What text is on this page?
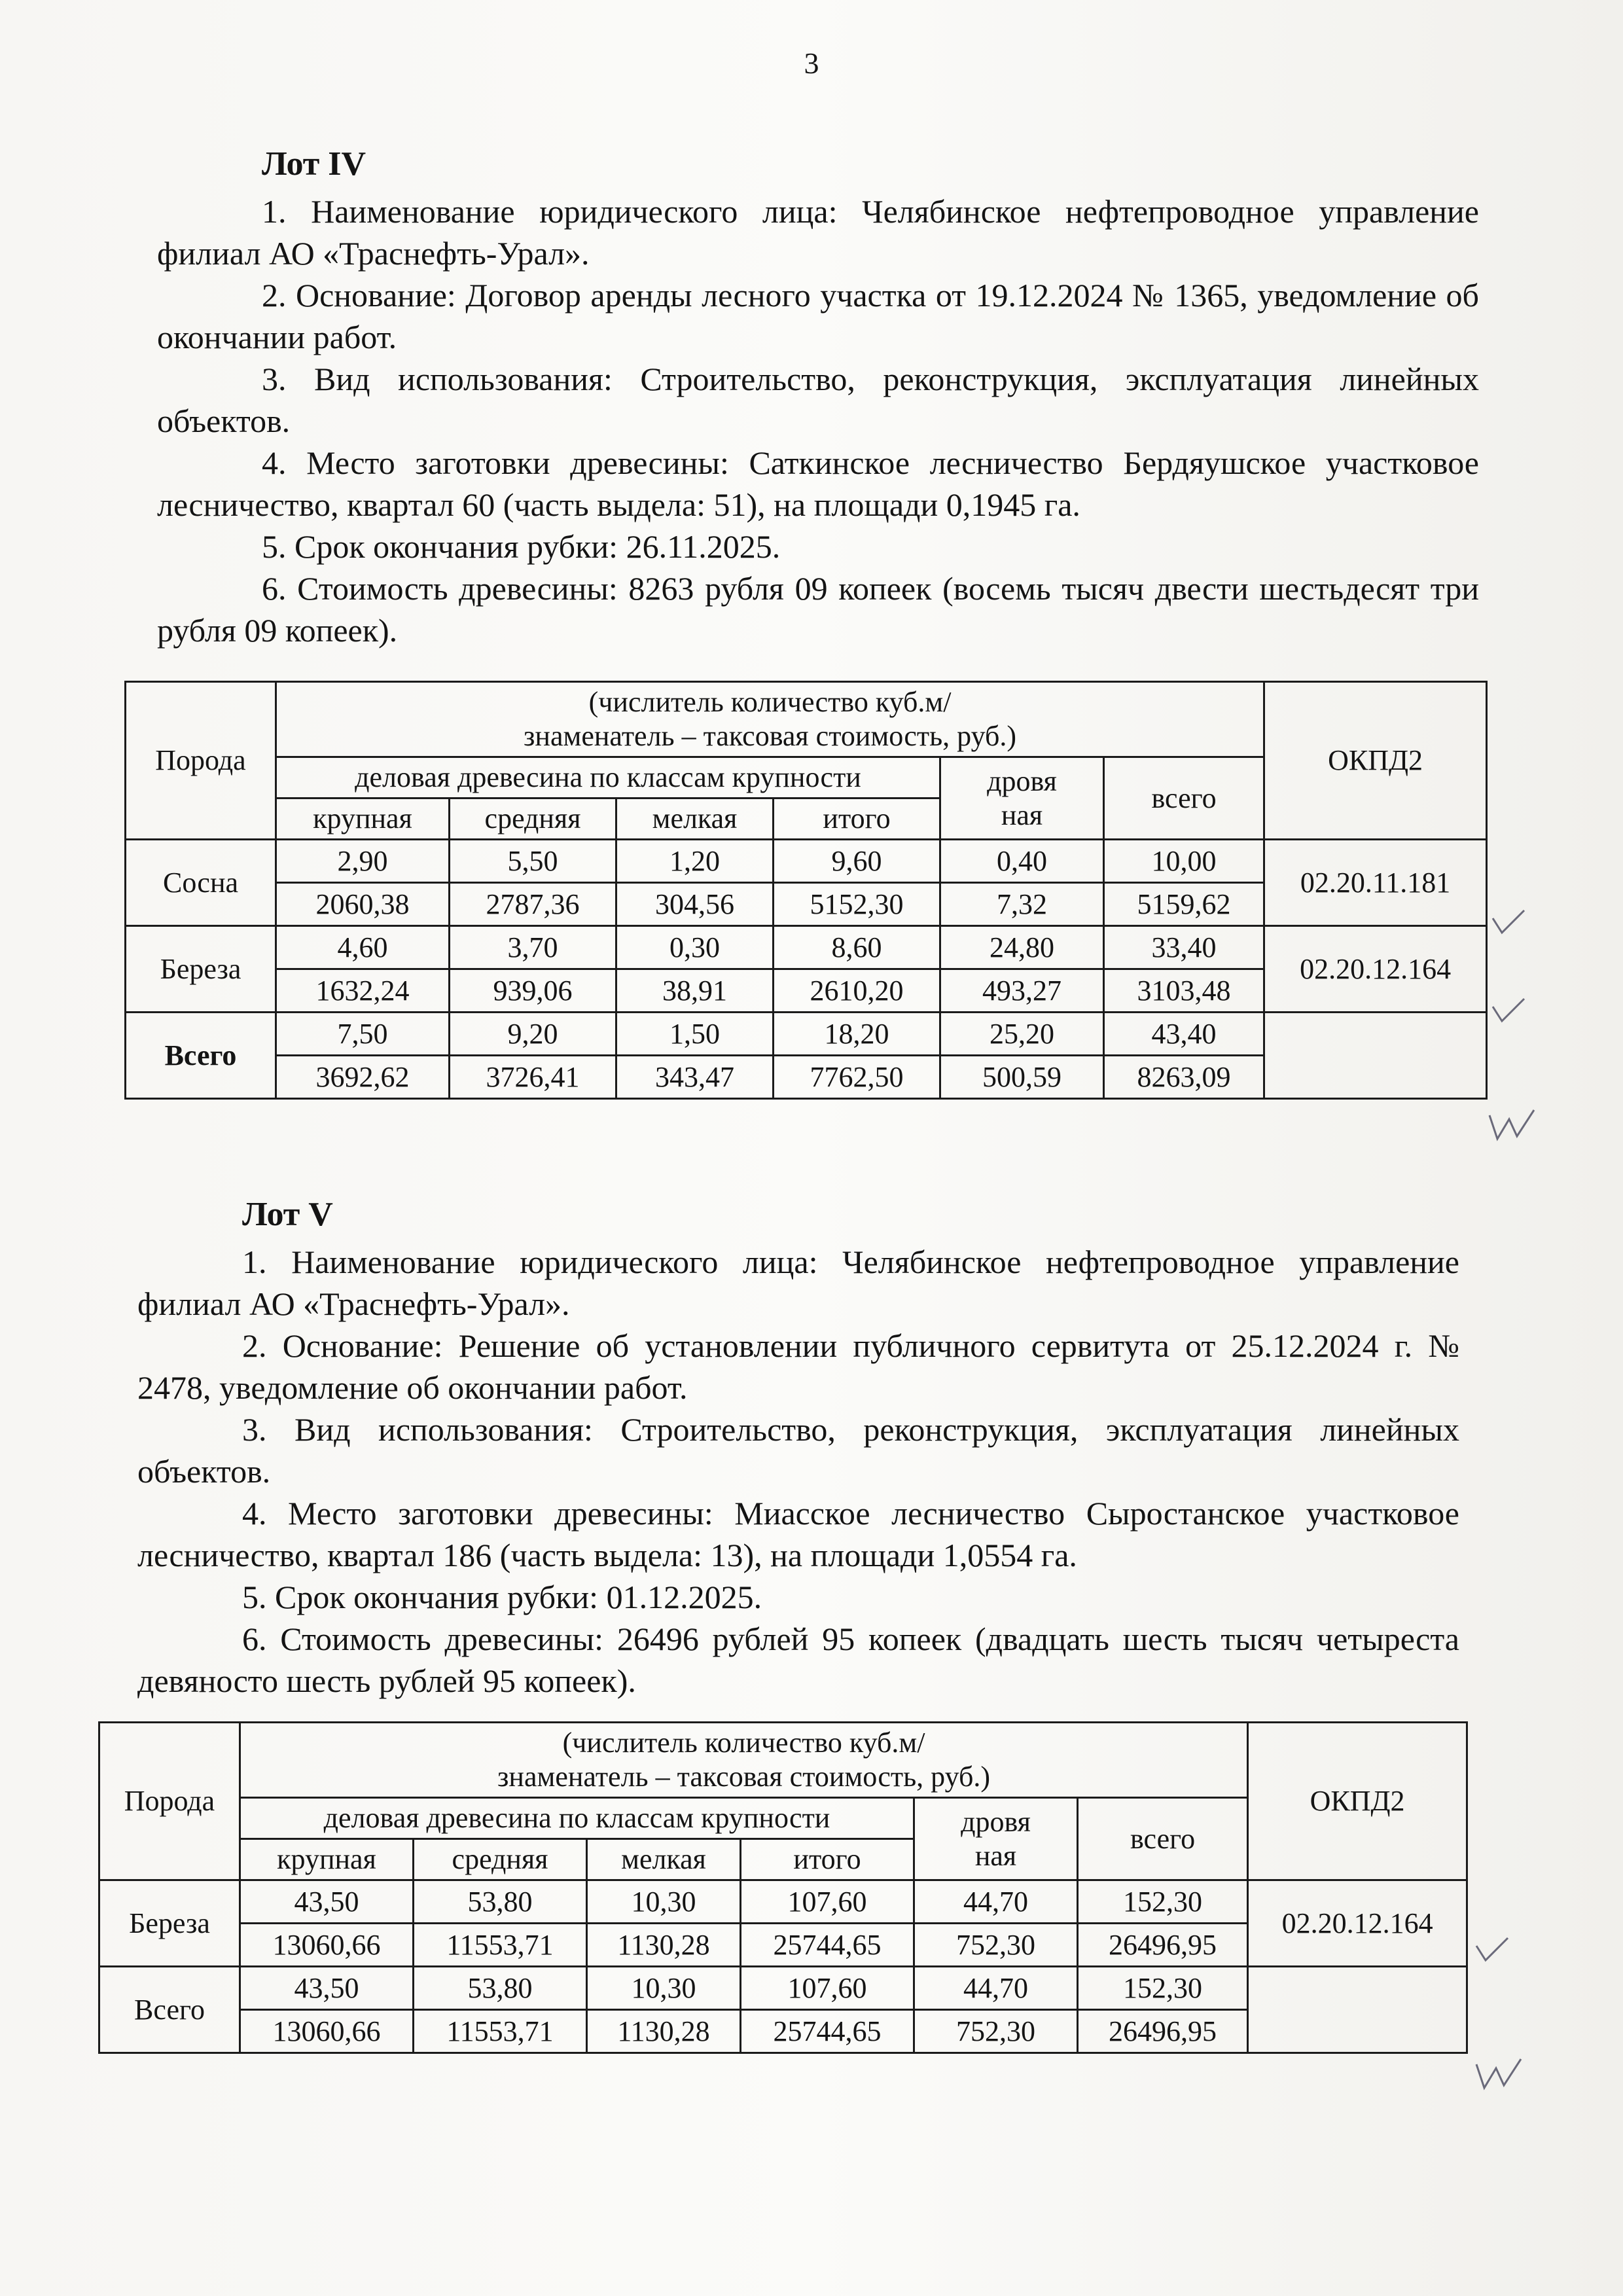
3
Лот IV

1. Наименование юридического лица: Челябинское нефтепроводное управление филиал АО «Траснефть-Урал».

2. Основание: Договор аренды лесного участка от 19.12.2024 № 1365, уведомление об окончании работ.

3. Вид использования: Строительство, реконструкция, эксплуатация линейных объектов.

4. Место заготовки древесины: Саткинское лесничество Бердяушское участковое лесничество, квартал 60 (часть выдела: 51), на площади 0,1945 га.

5. Срок окончания рубки: 26.11.2025.

6. Стоимость древесины: 8263 рубля 09 копеек (восемь тысяч двести шестьдесят три рубля 09 копеек).

Порода	(числитель количество куб.м/
знаменатель – таксовая стоимость, руб.)						ОКПД2
	деловая древесина по классам крупности				дровя
ная	всего	
	крупная	средняя	мелкая	итого			
Сосна	2,90	5,50	1,20	9,60	0,40	10,00	02.20.11.181
	2060,38	2787,36	304,56	5152,30	7,32	5159,62	
Береза	4,60	3,70	0,30	8,60	24,80	33,40	02.20.12.164
	1632,24	939,06	38,91	2610,20	493,27	3103,48	
Всего	7,50	9,20	1,50	18,20	25,20	43,40	
	3692,62	3726,41	343,47	7762,50	500,59	8263,09	
Лот V

1. Наименование юридического лица: Челябинское нефтепроводное управление филиал АО «Траснефть-Урал».

2. Основание: Решение об установлении публичного сервитута от 25.12.2024 г. № 2478, уведомление об окончании работ.

3. Вид использования: Строительство, реконструкция, эксплуатация линейных объектов.

4. Место заготовки древесины: Миасское лесничество Сыростанское участковое лесничество, квартал 186 (часть выдела: 13), на площади 1,0554 га.

5. Срок окончания рубки: 01.12.2025.

6. Стоимость древесины: 26496 рублей 95 копеек (двадцать шесть тысяч четыреста девяносто шесть рублей 95 копеек).

Порода	(числитель количество куб.м/
знаменатель – таксовая стоимость, руб.)						ОКПД2
	деловая древесина по классам крупности				дровя
ная	всего	
	крупная	средняя	мелкая	итого			
Береза	43,50	53,80	10,30	107,60	44,70	152,30	02.20.12.164
	13060,66	11553,71	1130,28	25744,65	752,30	26496,95	
Всего	43,50	53,80	10,30	107,60	44,70	152,30	
	13060,66	11553,71	1130,28	25744,65	752,30	26496,95	
